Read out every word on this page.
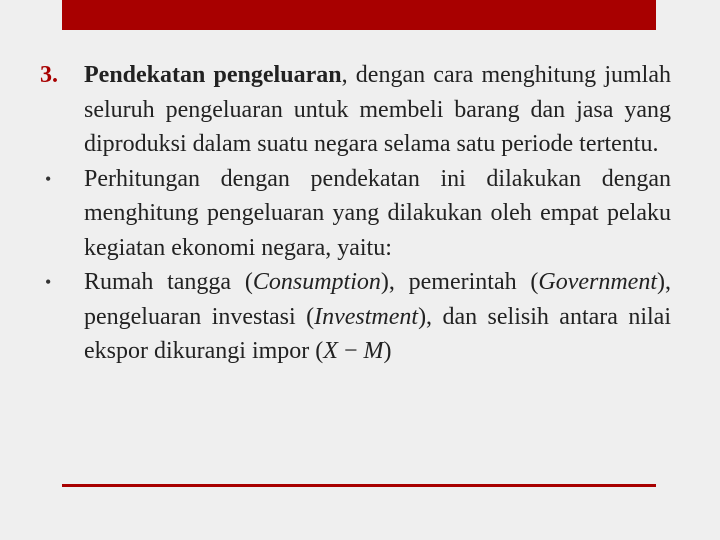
3. Pendekatan pengeluaran, dengan cara menghitung jumlah seluruh pengeluaran untuk membeli barang dan jasa yang diproduksi dalam suatu negara selama satu periode tertentu.
• Perhitungan dengan pendekatan ini dilakukan dengan menghitung pengeluaran yang dilakukan oleh empat pelaku kegiatan ekonomi negara, yaitu:
• Rumah tangga (Consumption), pemerintah (Government), pengeluaran investasi (Investment), dan selisih antara nilai ekspor dikurangi impor (X − M)
